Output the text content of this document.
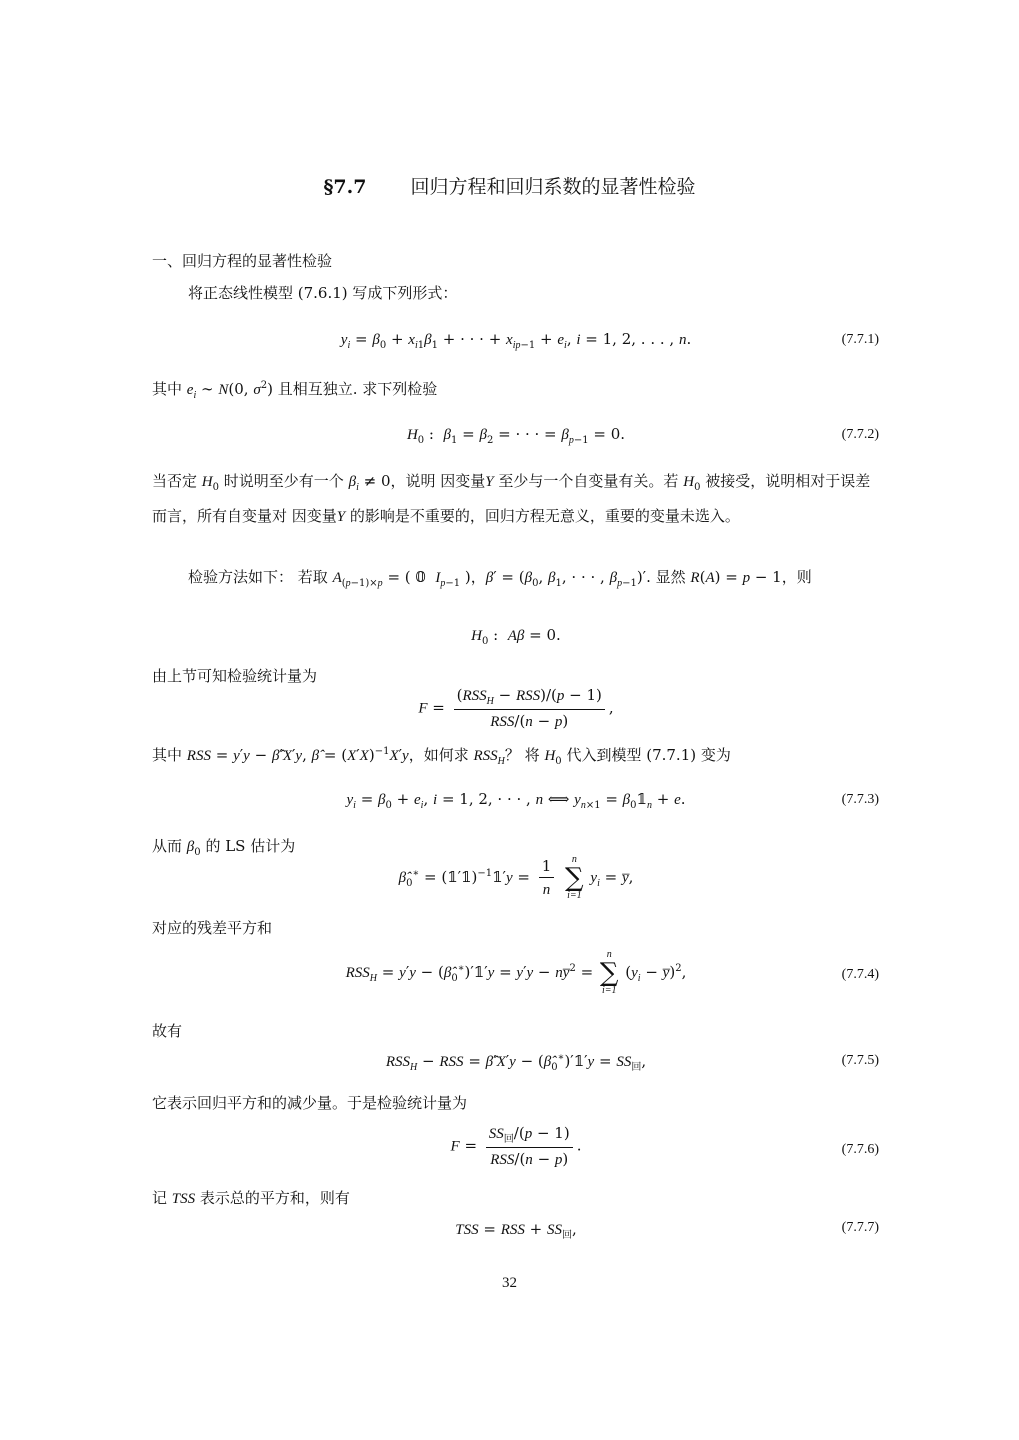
§7.7 回归方程和回归系数的显著性检验
一、回归方程的显著性检验
将正态线性模型 (7.6.1) 写成下列形式：
$y_i = \beta_0 + x_{i1}\beta_1$ + · · · + $x_{ip-1} + e_i$, i = 1, 2, . . . , n.	(7.7.1)
其中 $e_i$ ∼ N(0, $\sigma^2$) 且相互独立. 求下列检验
$H_0$ :  $\beta_1 = \beta_2$ = · · · = $\beta_{p-1} = 0$.	(7.7.2)
当否定 $H_0$ 时说明至少有一个 $\beta_i \ne 0$，说明 因变量Y 至少与一个自变量有关。若 $H_0$ 被接受，说明相对于误差而言，所有自变量对 因变量Y 的影响是不重要的，回归方程无意义，重要的变量未选入。
检验方法如下： 若取 $A_{(p-1)\times p}$ = ( 𝟘  $I_{p-1}$ )，$\beta' = (\beta_0$, $\beta_1$, · · · , $\beta_{p-1})'$. 显然 R(A) = p − 1，则
$H_0$ :  Aβ = 0.
由上节可知检验统计量为
$F = \frac{(RSS_H - RSS)/(p - 1)}{\text{RSS/(n − p)}}$ ,
其中 RSS = y′y − β̂′X′y, β̂ = $(X'X)^{-1}X'y$，如何求 $RSS_H$？ 将 $H_0$ 代入到模型 (7.7.1) 变为
$y_i = \beta_0 + e_i$, i = 1, 2, · · · , n ⟺ $y_{n\times 1}$ = $\beta_0𝟙_n + e$.	(7.7.3)
从而 $\beta_0$ 的 LS 估计为
$\betâ_0^∗$ = (𝟙′𝟙)$^{-1}$𝟙′y = $\frac{1}{n}$
n
∑
i=1
$y_i$ = y̅,
对应的残差平方和
$RSS_H = y'y$ − $(\betâ_0^∗)'𝟙'y = y'y$ − ny̅$^2$ =
n
∑
i=1
($y_i$ − y̅)$^2$,	(7.7.4)
故有
$RSS_H$ − RSS = β̂′X′y − $(\betâ_0^∗)'𝟙'y = SS_回$,	(7.7.5)
它表示回归平方和的减少量。于是检验统计量为
$F = \frac{SS_回/(p - 1)}{\text{RSS/(n − p)}}$ .	(7.7.6)
记 TSS 表示总的平方和，则有
TSS = RSS + $SS_回$,	(7.7.7)
32
